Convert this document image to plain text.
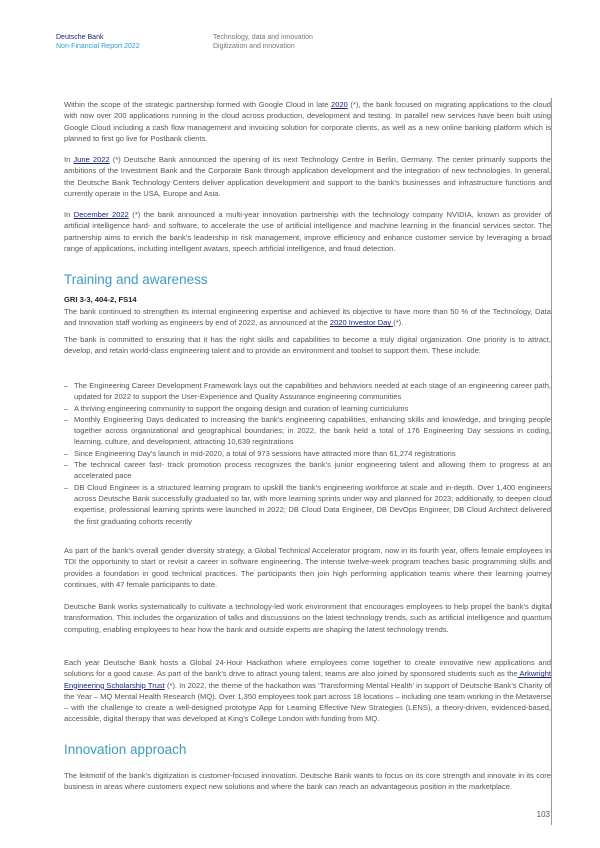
Deutsche Bank
Non-Financial Report 2022
Technology, data and innovation
Digitization and innovation

Within the scope of the strategic partnership formed with Google Cloud in late 2020 (*), the bank focused on migrating applications to the cloud with now over 200 applications running in the cloud across production, development and testing. In parallel new services have been built using Google Cloud including a cash flow management and invoicing solution for corporate clients, as well as a new online banking platform which is planned to first go live for Postbank clients.

In June 2022 (*) Deutsche Bank announced the opening of its next Technology Centre in Berlin, Germany. The center primarily supports the ambitions of the Investment Bank and the Corporate Bank through application development and the integration of new technologies. In general, the Deutsche Bank Technology Centers deliver application development and support to the bank’s businesses and infrastructure functions and currently operate in the USA, Europe and Asia.

In December 2022 (*) the bank announced a multi-year innovation partnership with the technology company NVIDIA, known as provider of artificial intelligence hard- and software, to accelerate the use of artificial intelligence and machine learning in the financial services sector. The partnership aims to enrich the bank’s leadership in risk management, improve efficiency and enhance customer service by leveraging a broad range of applications, including intelligent avatars, speech artificial intelligence, and fraud detection.

Training and awareness
GRI 3-3, 404-2, FS14

The bank continued to strengthen its internal engineering expertise and achieved its objective to have more than 50 % of the Technology, Data and Innovation staff working as engineers by end of 2022, as announced at the 2020 Investor Day (*).

The bank is committed to ensuring that it has the right skills and capabilities to become a truly digital organization. One priority is to attract, develop, and retain world-class engineering talent and to provide an environment and toolset to support them. These include:

– The Engineering Career Development Framework lays out the capabilities and behaviors needed at each stage of an engineering career path, updated for 2022 to support the User-Experience and Quality Assurance engineering communities
– A thriving engineering community to support the ongoing design and curation of learning curriculums
– Monthly Engineering Days dedicated to increasing the bank’s engineering capabilities, enhancing skills and knowledge, and bringing people together across organizational and geographical boundaries; in 2022, the bank held a total of 176 Engineering Day sessions in coding, learning, culture, and development, attracting 10,639 registrations
– Since Engineering Day’s launch in mid-2020, a total of 973 sessions have attracted more than 61,274 registrations
– The technical career fast- track promotion process recognizes the bank’s junior engineering talent and allowing them to progress at an accelerated pace
– DB Cloud Engineer is a structured learning program to upskill the bank’s engineering workforce at scale and in-depth. Over 1,400 engineers across Deutsche Bank successfully graduated so far, with more learning sprints under way and planned for 2023; additionally, to deepen cloud expertise, professional learning sprints were launched in 2022; DB Cloud Data Engineer, DB DevOps Engineer, DB Cloud Architect delivered the first graduating cohorts recently

As part of the bank’s overall gender diversity strategy, a Global Technical Accelerator program, now in its fourth year, offers female employees in TDI the opportunity to start or revisit a career in software engineering. The intense twelve-week program teaches basic programming skills and provides a foundation in good technical practices. The participants then join high performing application teams where their learning journey continues, with 47 female participants to date.

Deutsche Bank works systematically to cultivate a technology-led work environment that encourages employees to help propel the bank’s digital transformation. This includes the organization of talks and discussions on the latest technology trends, such as artificial intelligence and quantum computing, enabling employees to hear how the bank and outside experts are shaping the latest technology trends.

Each year Deutsche Bank hosts a Global 24-Hour Hackathon where employees come together to create innovative new applications and solutions for a good cause. As part of the bank’s drive to attract young talent, teams are also joined by sponsored students such as the Arkwright Engineering Scholarship Trust (*). In 2022, the theme of the hackathon was ‘Transforming Mental Health’ in support of Deutsche Bank’s Charity of the Year – MQ Mental Health Research (MQ). Over 1,350 employees took part across 18 locations – including one team working in the Metaverse – with the challenge to create a well-designed prototype App for Learning Effective New Strategies (LENS), a theory-driven, evidenced-based, accessible, digital therapy that was developed at King’s College London with funding from MQ.

Innovation approach

The leitmotif of the bank’s digitization is customer-focused innovation. Deutsche Bank wants to focus on its core strength and innovate in its core business in areas where customers expect new solutions and where the bank can reach an advantageous position in the marketplace.

103
